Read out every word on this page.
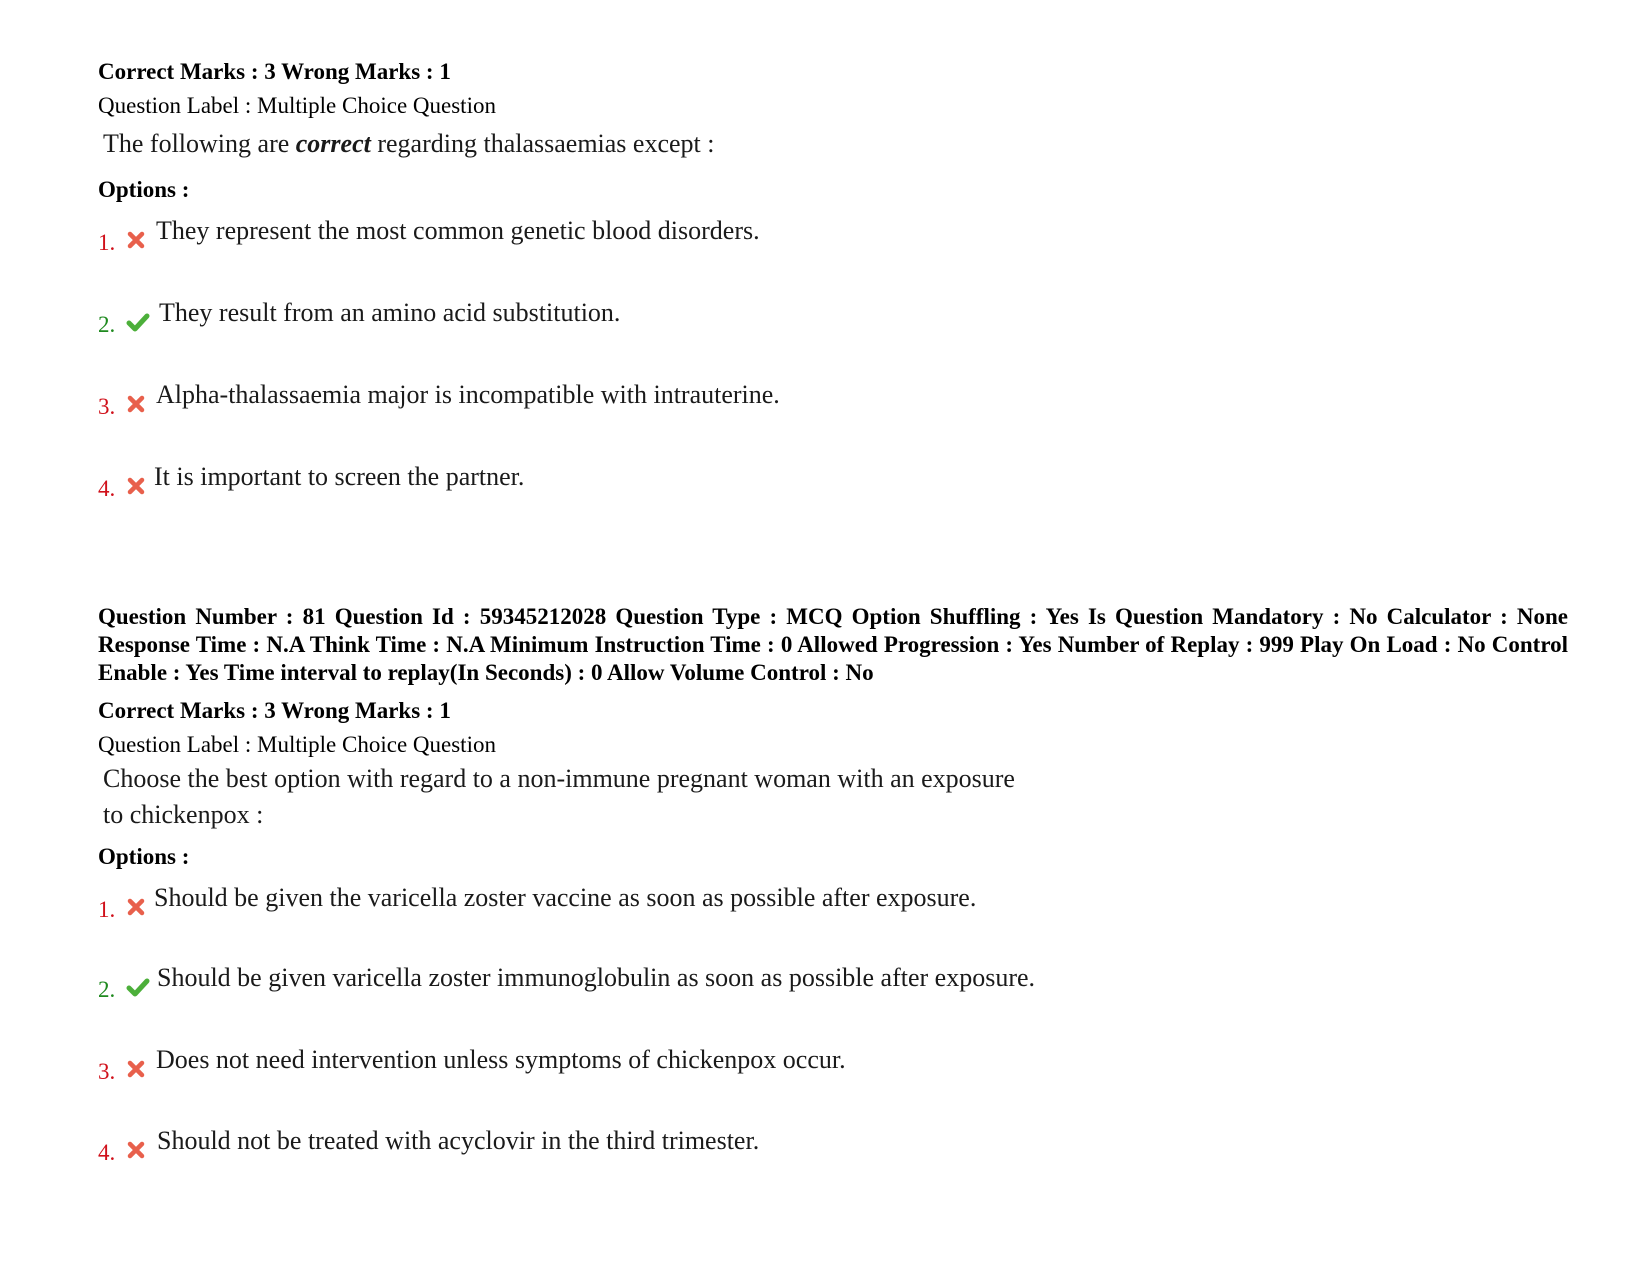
Correct Marks : 3 Wrong Marks : 1

Question Label : Multiple Choice Question

The following are correct regarding thalassaemias except :

Options :

1. They represent the most common genetic blood disorders.
2. They result from an amino acid substitution.
3. Alpha-thalassaemia major is incompatible with intrauterine.
4. It is important to screen the partner.

Question Number : 81 Question Id : 59345212028 Question Type : MCQ Option Shuffling : Yes Is Question Mandatory : No Calculator : None Response Time : N.A Think Time : N.A Minimum Instruction Time : 0 Allowed Progression : Yes Number of Replay : 999 Play On Load : No Control Enable : Yes Time interval to replay(In Seconds) : 0 Allow Volume Control : No

Correct Marks : 3 Wrong Marks : 1

Question Label : Multiple Choice Question

Choose the best option with regard to a non-immune pregnant woman with an exposure
to chickenpox :

Options :

1. Should be given the varicella zoster vaccine as soon as possible after exposure.
2. Should be given varicella zoster immunoglobulin as soon as possible after exposure.
3. Does not need intervention unless symptoms of chickenpox occur.
4. Should not be treated with acyclovir in the third trimester.
